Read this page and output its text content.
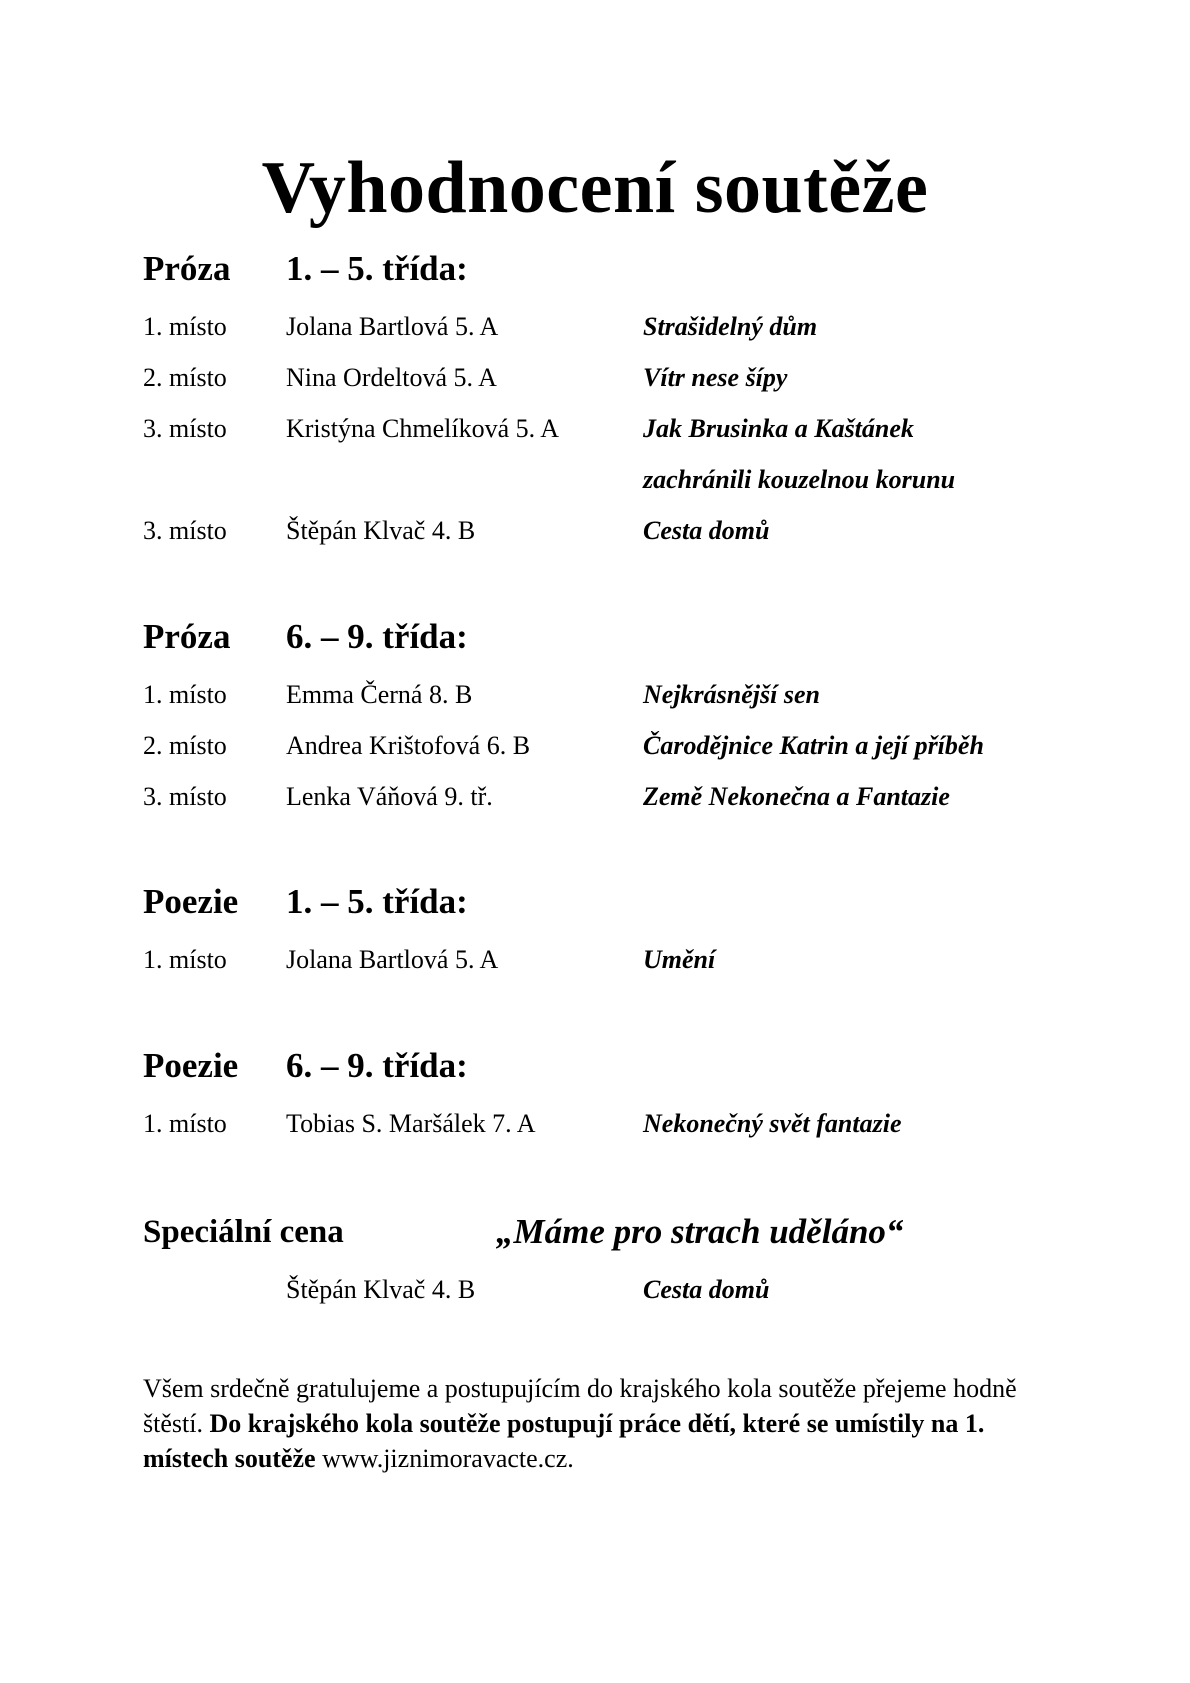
Vyhodnocení soutěže
Próza 1. – 5. třída:
1. místo Jolana Bartlová 5. A	Strašidelný dům
2. místo Nina Ordeltová 5. A	Vítr nese šípy
3. místo Kristýna Chmelíková 5. A	Jak Brusinka a Kaštánek
zachránili kouzelnou korunu
3. místo Štěpán Klvač 4. B	Cesta domů
Próza 6. – 9. třída:
1. místo Emma Černá 8. B	Nejkrásnější sen
2. místo Andrea Krištofová 6. B	Čarodějnice Katrin a její příběh
3. místo Lenka Váňová 9. tř.	Země Nekonečna a Fantazie
Poezie 1. – 5. třída:
1. místo Jolana Bartlová 5. A	Umění
Poezie 6. – 9. třída:
1. místo Tobias S. Maršálek 7. A	Nekonečný svět fantazie
Speciální cena	„Máme pro strach uděláno“
Štěpán Klvač 4. B	Cesta domů
Všem srdečně gratulujeme a postupujícím do krajského kola soutěže přejeme hodně štěstí. Do krajského kola soutěže postupují práce dětí, které se umístily na 1. místech soutěže www.jiznimoravacte.cz.
